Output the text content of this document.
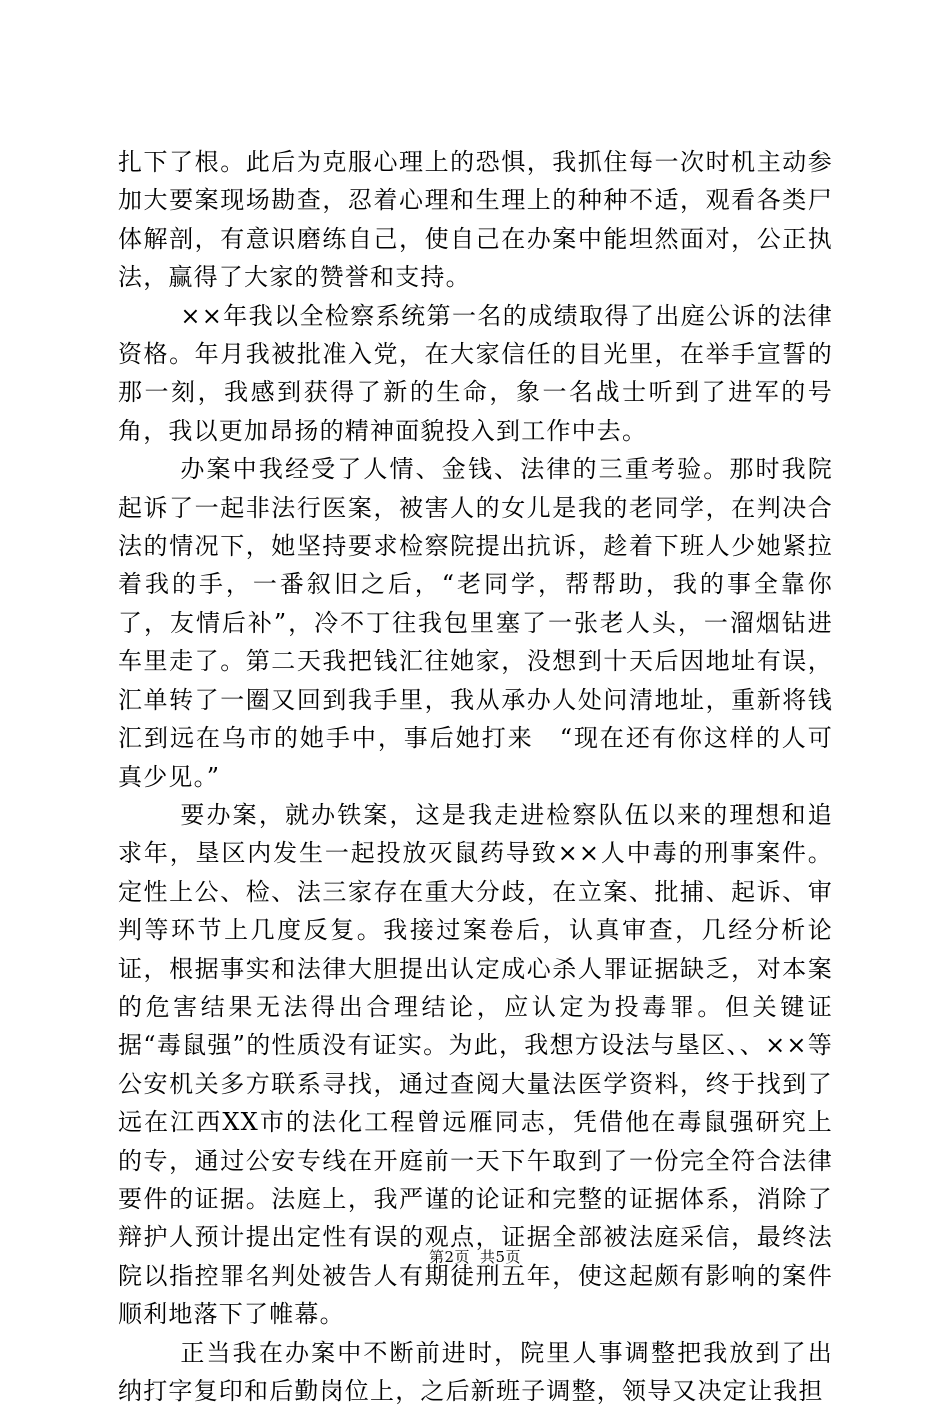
扎下了根。此后为克服心理上的恐惧，我抓住每一次时机主动参加大要案现场勘查，忍着心理和生理上的种种不适，观看各类尸体解剖，有意识磨练自己，使自己在办案中能坦然面对，公正执法，赢得了大家的赞誉和支持。

××年我以全检察系统第一名的成绩取得了出庭公诉的法律资格。年月我被批准入党，在大家信任的目光里，在举手宣誓的那一刻，我感到获得了新的生命，象一名战士听到了进军的号角，我以更加昂扬的精神面貌投入到工作中去。

办案中我经受了人情、金钱、法律的三重考验。那时我院起诉了一起非法行医案，被害人的女儿是我的老同学，在判决合法的情况下，她坚持要求检察院提出抗诉，趁着下班人少她紧拉着我的手，一番叙旧之后，“老同学，帮帮助，我的事全靠你了，友情后补”，冷不丁往我包里塞了一张老人头，一溜烟钻进车里走了。第二天我把钱汇往她家，没想到十天后因地址有误，汇单转了一圈又回到我手里，我从承办人处问清地址，重新将钱汇到远在乌市的她手中，事后她打来　“现在还有你这样的人可真少见。”

要办案，就办铁案，这是我走进检察队伍以来的理想和追求年，垦区内发生一起投放灭鼠药导致××人中毒的刑事案件。定性上公、检、法三家存在重大分歧，在立案、批捕、起诉、审判等环节上几度反复。我接过案卷后，认真审查，几经分析论证，根据事实和法律大胆提出认定成心杀人罪证据缺乏，对本案的危害结果无法得出合理结论，应认定为投毒罪。但关键证据“毒鼠强”的性质没有证实。为此，我想方设法与垦区、、××等公安机关多方联系寻找，通过查阅大量法医学资料，终于找到了远在江西XX市的法化工程曾远雁同志，凭借他在毒鼠强研究上的专，通过公安专线在开庭前一天下午取到了一份完全符合法律要件的证据。法庭上，我严谨的论证和完整的证据体系，消除了辩护人预计提出定性有误的观点，证据全部被法庭采信，最终法院以指控罪名判处被告人有期徒刑五年，使这起颇有影响的案件顺利地落下了帷幕。

正当我在办案中不断前进时，院里人事调整把我放到了出纳打字复印和后勤岗位上，之后新班子调整，领导又决定让我担

第2页 共5页
